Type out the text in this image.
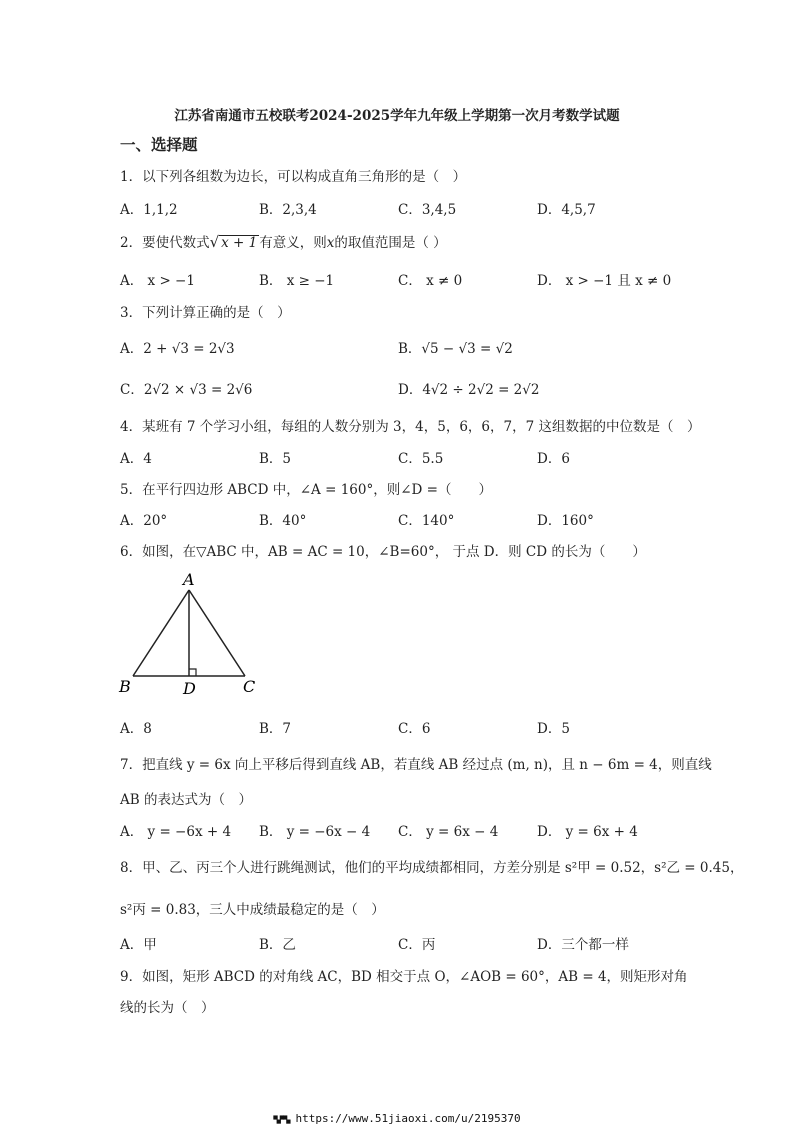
江苏省南通市五校联考2024-2025学年九年级上学期第一次月考数学试题
一、选择题
1．以下列各组数为边长，可以构成直角三角形的是（　）
A．1,1,2	B．2,3,4	C．3,4,5	D．4,5,7
2．要使代数式√ x + 1 有意义，则x的取值范围是（ ）
A． x > −1	B． x ≥ −1	C． x ≠ 0	D． x > −1 且 x ≠ 0
3．下列计算正确的是（　）
A．2 + √3 = 2√3	B．√5 − √3 = √2
C．2√2 × √3 = 2√6	D．4√2 ÷ 2√2 = 2√2
4．某班有 7 个学习小组，每组的人数分别为 3，4，5，6，6，7，7 这组数据的中位数是（　）
A．4	B．5	C．5.5	D．6
5．在平行四边形 ABCD 中，∠A = 160°，则∠D =（　　）
A．20°	B．40°	C．140°	D．160°
6．如图，在▽ABC 中，AB = AC = 10，∠B=60°， 于点 D．则 CD 的长为（　　）
A
B	D	C
A．8	B．7	C．6	D．5
7．把直线 y = 6x 向上平移后得到直线 AB，若直线 AB 经过点 (m, n)，且 n − 6m = 4，则直线
AB 的表达式为（　）
A． y = −6x + 4 B． y = −6x − 4 C． y = 6x − 4	D． y = 6x + 4
8．甲、乙、丙三个人进行跳绳测试，他们的平均成绩都相同，方差分别是 s²甲 = 0.52，s²乙 = 0.45，
s²丙 = 0.83，三人中成绩最稳定的是（　）
A．甲	B．乙	C．丙	D．三个都一样
9．如图，矩形 ABCD 的对角线 AC，BD 相交于点 O，∠AOB = 60°，AB = 4，则矩形对角
线的长为（　）
▀▄▀▀▄ https://www.51jiaoxi.com/u/2195370
